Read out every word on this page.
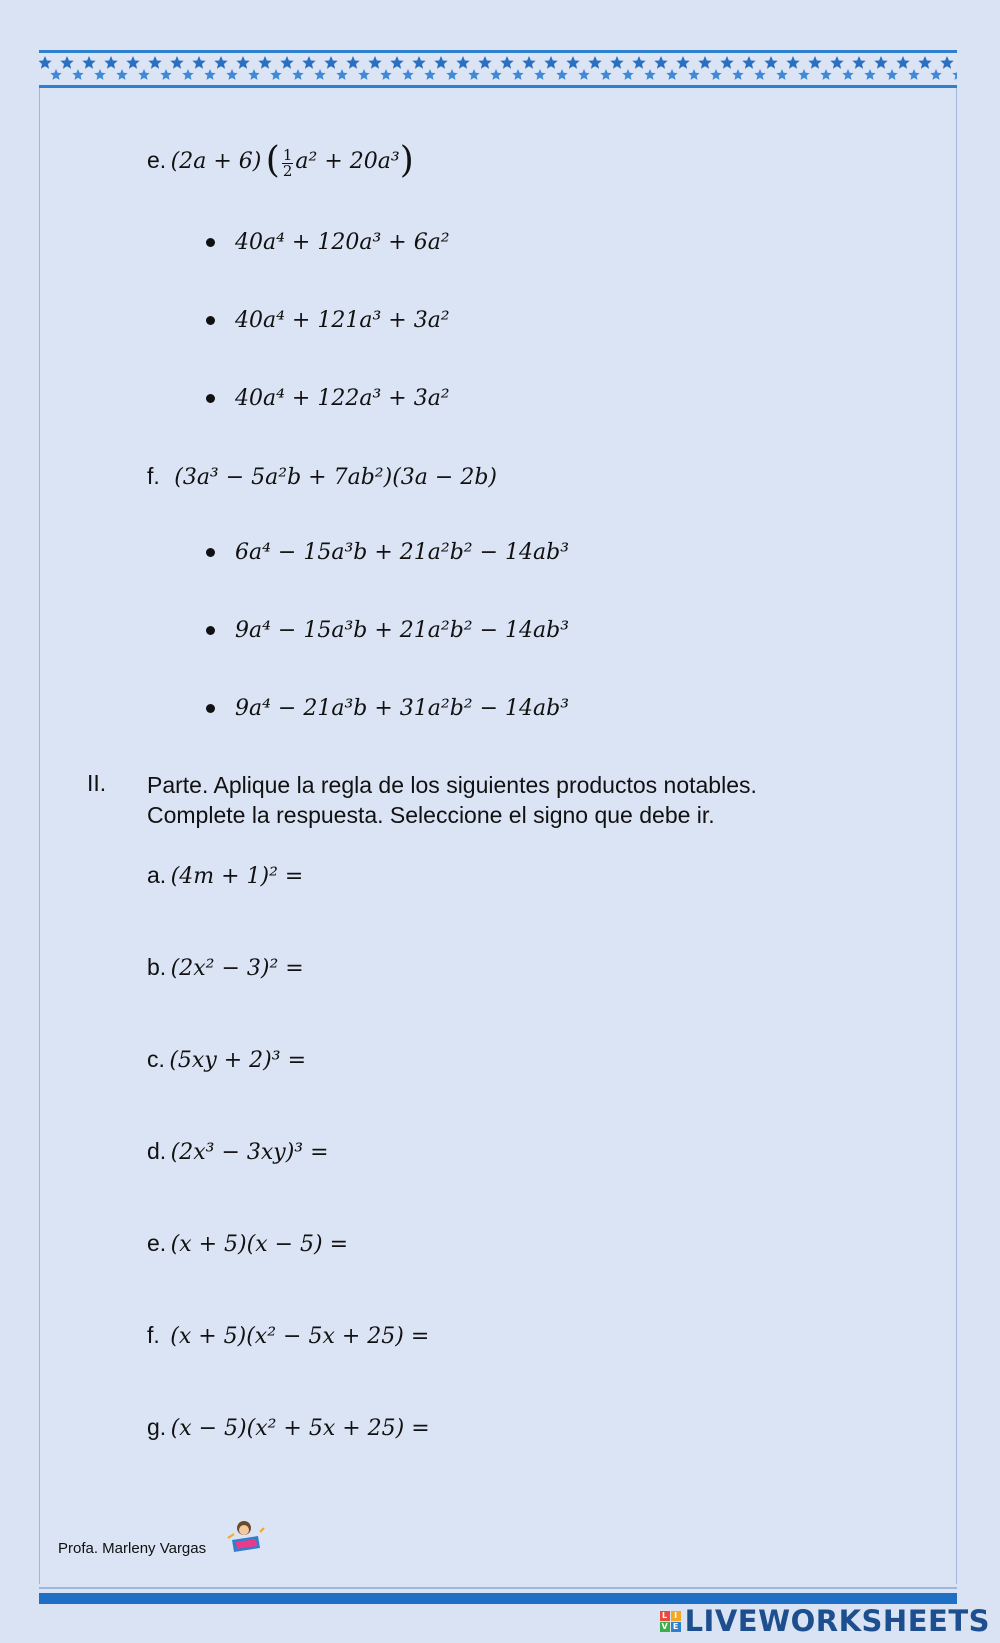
e. (2a + 6) ( $\frac{1}{2} a^2 + 20a^3$)
40a⁴ + 120a³ + 6a²
40a⁴ + 121a³ + 3a²
40a⁴ + 122a³ + 3a²
f. (3a³ − 5a²b + 7ab²)(3a − 2b)
6a⁴ − 15a³b + 21a²b² − 14ab³
9a⁴ − 15a³b + 21a²b² − 14ab³
9a⁴ − 21a³b + 31a²b² − 14ab³
II. Parte. Aplique la regla de los siguientes productos notables.
Complete la respuesta. Seleccione el signo que debe ir.
a. (4m + 1)² =
b. (2x² − 3)² =
c. (5xy + 2)³ =
d. (2x³ − 3xy)³ =
e. (x + 5)(x − 5) =
f. (x + 5)(x² − 5x + 25) =
g. (x − 5)(x² + 5x + 25) =
Profa. Marleny Vargas
L I
V E LIVEWORKSHEETS
